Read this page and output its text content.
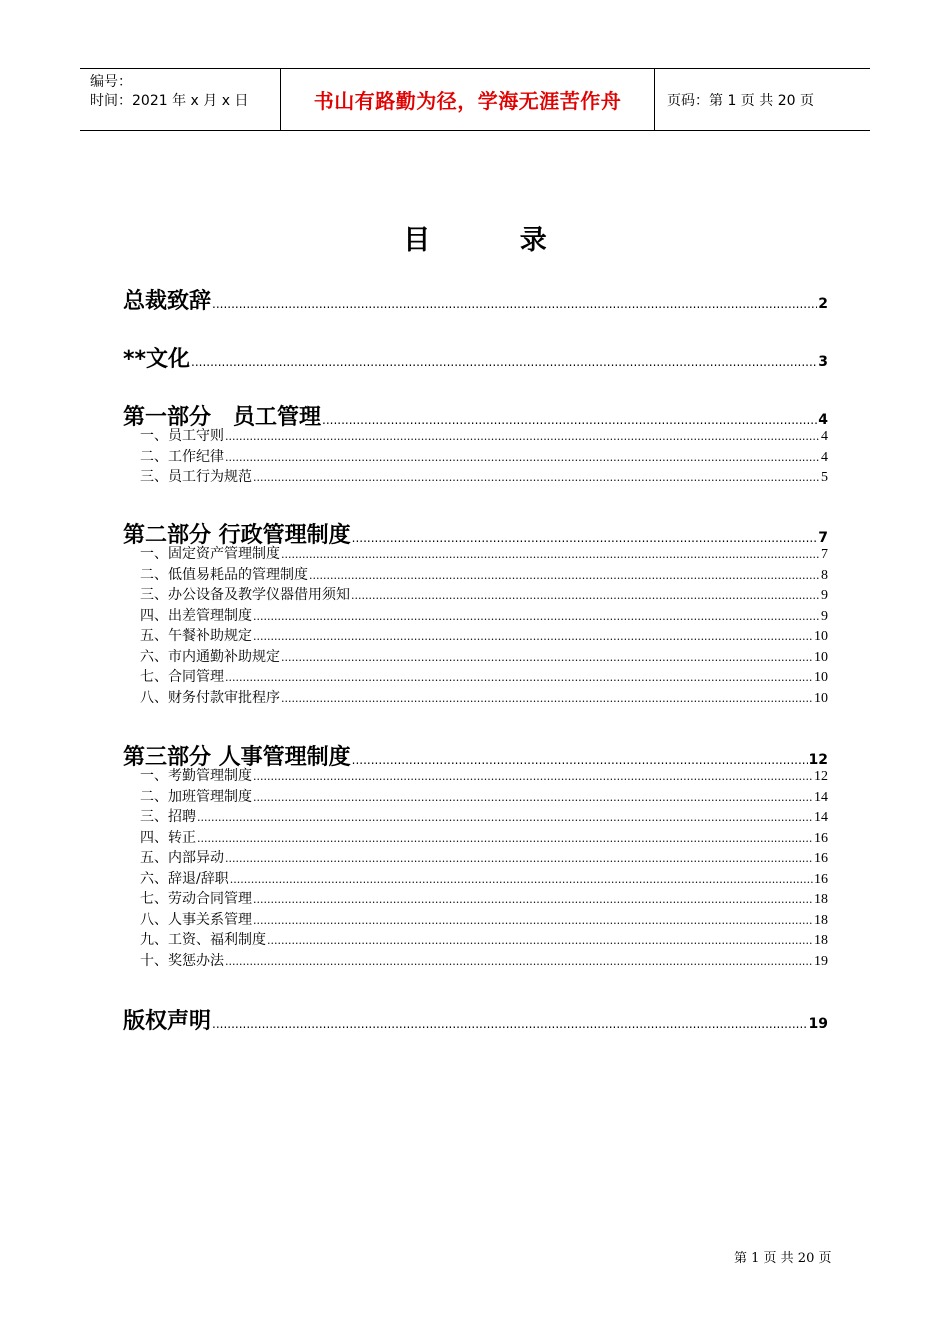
编号：
时间：2021 年 x 月 x 日	书山有路勤为径，学海无涯苦作舟	页码：第 1 页 共 20 页
目 录
总裁致辞 .....	2
**文化 .....	3
第一部分　员工管理 .....	4
一、员工守则 .....	4
二、工作纪律 .....	4
三、员工行为规范 .....	5
第二部分 行政管理制度 .....	7
一、固定资产管理制度 .....	7
二、低值易耗品的管理制度 .....	8
三、办公设备及教学仪器借用须知 .....	9
四、出差管理制度 .....	9
五、午餐补助规定 .....	10
六、市内通勤补助规定 .....	10
七、合同管理 .....	10
八、财务付款审批程序 .....	10
第三部分 人事管理制度 .....	12
一、考勤管理制度 .....	12
二、加班管理制度 .....	14
三、招聘 .....	14
四、转正 .....	16
五、内部异动 .....	16
六、辞退/辞职 .....	16
七、劳动合同管理 .....	18
八、人事关系管理 .....	18
九、工资、福利制度 .....	18
十、奖惩办法 .....	19
版权声明 .....	19
第 1 页 共 20 页
